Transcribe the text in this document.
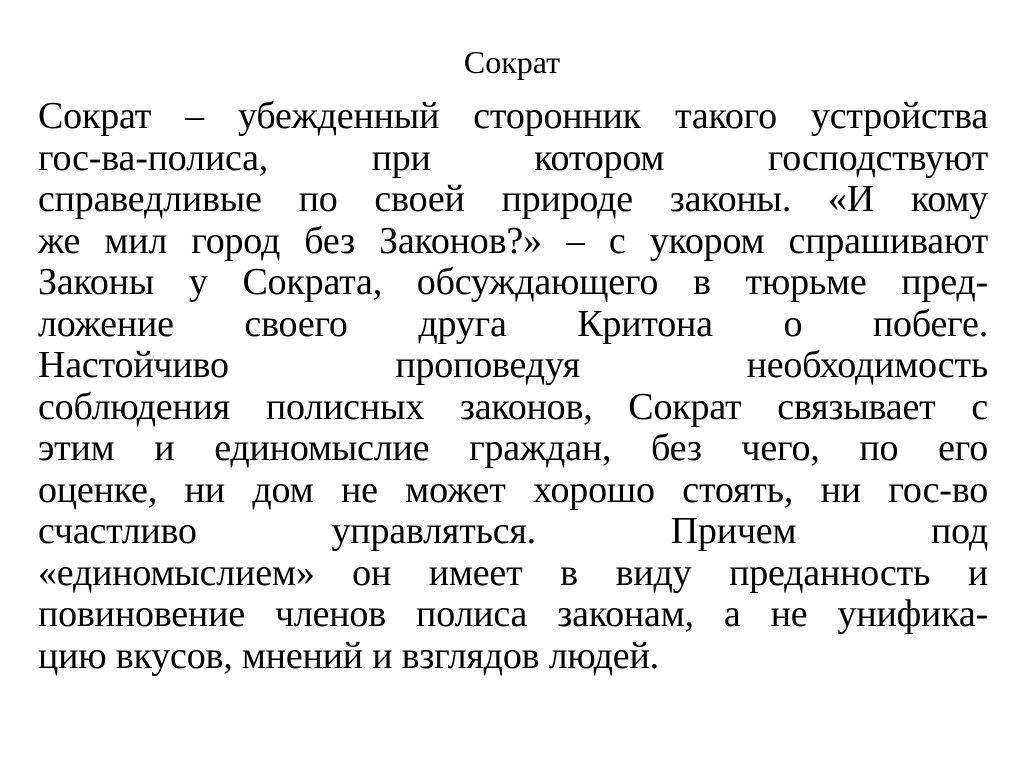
Сократ
Сократ – убежденный сторонник такого устройства
гос-ва-полиса, при котором господствуют
справедливые по своей природе законы. «И кому
же мил город без Законов?» – с укором спрашивают
Законы у Сократа, обсуждающего в тюрьме пред-
ложение своего друга Критона о побеге.
Настойчиво проповедуя необходимость
соблюдения полисных законов, Сократ связывает с
этим и единомыслие граждан, без чего, по его
оценке, ни дом не может хорошо стоять, ни гос-во
счастливо управляться. Причем под
«единомыслием» он имеет в виду преданность и
повиновение членов полиса законам, а не унифика-
цию вкусов, мнений и взглядов людей.
